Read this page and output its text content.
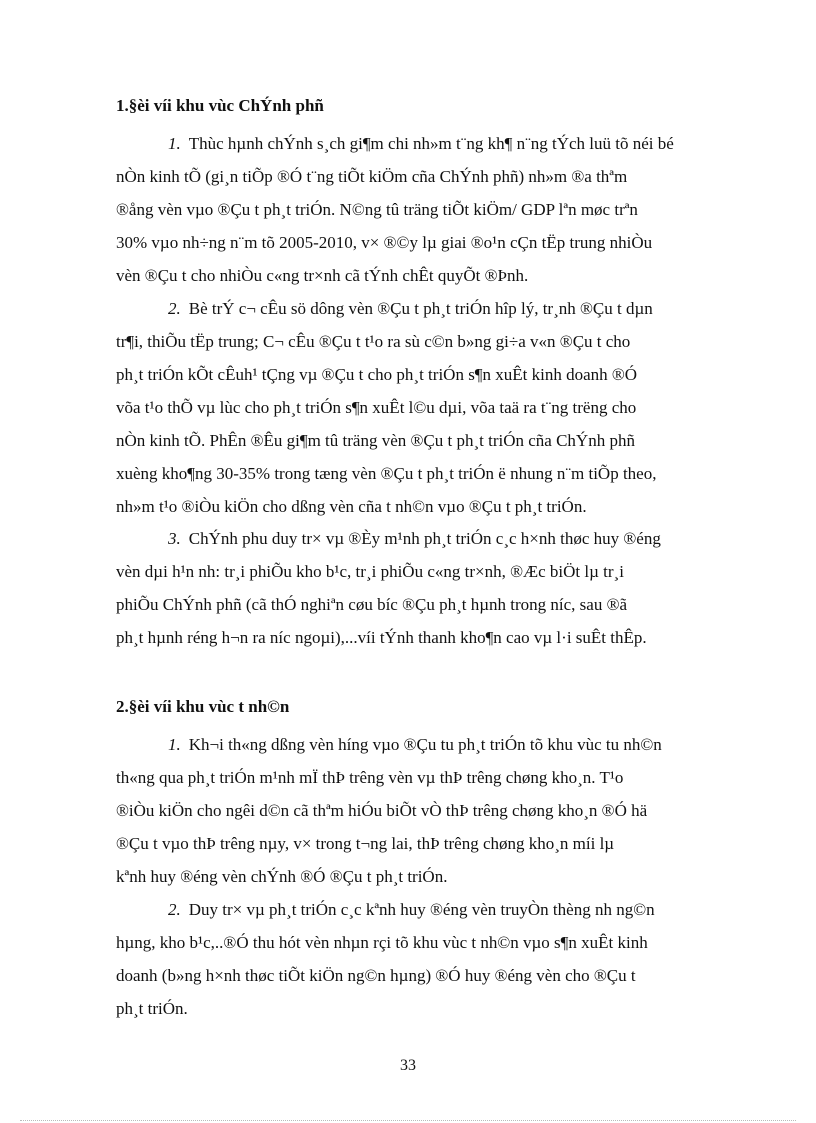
1.§èi víi khu vùc ChÝnh phñ
1. Thùc hµnh chÝnh s¸ch gi¶m chi nh»m t¨ng kh¶ n¨ng tÝch luü tõ néi bé
nÒn kinh tÕ (gi¸n tiÕp ®Ó t¨ng tiÕt kiÖm cña ChÝnh phñ) nh»m ®a thªm
®ång vèn vµo ®Çu t ph¸t triÓn. N©ng tû träng tiÕt kiÖm/ GDP lªn møc trªn
30% vµo nh÷ng n¨m tõ 2005-2010, v× ®©y lµ giai ®o¹n cÇn tËp trung nhiÒu
vèn ®Çu t cho nhiÒu c«ng tr×nh cã tÝnh chÊt quyÕt ®Þnh.
2. Bè trÝ c¬ cÊu sö dông vèn ®Çu t ph¸t triÓn hîp lý, tr¸nh ®Çu t dµn
tr¶i, thiÕu tËp trung; C¬ cÊu ®Çu t t¹o ra sù c©n b»ng gi÷a v«n ®Çu t cho
ph¸t triÓn kÕt cÊuh¹ tÇng vµ ®Çu t cho ph¸t triÓn s¶n xuÊt kinh doanh ®Ó
võa t¹o thÕ vµ lùc cho ph¸t triÓn s¶n xuÊt l©u dµi, võa taä ra t¨ng trëng cho
nÒn kinh tÕ. PhÊn ®Êu gi¶m tû träng vèn ®Çu t ph¸t triÓn cña ChÝnh phñ
xuèng kho¶ng 30-35% trong tæng vèn ®Çu t ph¸t triÓn ë nhung n¨m tiÕp theo,
nh»m t¹o ®iÒu kiÖn cho dßng vèn cña t nh©n vµo ®Çu t ph¸t triÓn.
3. ChÝnh phu duy tr× vµ ®Èy m¹nh ph¸t triÓn c¸c h×nh thøc huy ®éng
vèn dµi h¹n nh: tr¸i phiÕu kho b¹c, tr¸i phiÕu c«ng tr×nh, ®Æc biÖt lµ tr¸i
phiÕu ChÝnh phñ (cã thÓ nghiªn cøu bíc ®Çu ph¸t hµnh trong níc, sau ®ã
ph¸t hµnh réng h¬n ra níc ngoµi),...víi tÝnh thanh kho¶n cao vµ l·i suÊt thÊp.
2.§èi víi khu vùc t nh©n
1. Kh¬i th«ng dßng vèn híng vµo ®Çu tu ph¸t triÓn tõ khu vùc tu nh©n
th«ng qua ph¸t triÓn m¹nh mÏ thÞ trêng vèn vµ thÞ trêng chøng kho¸n. T¹o
®iÒu kiÖn cho ngêi d©n cã thªm hiÓu biÕt vÒ thÞ trêng chøng kho¸n ®Ó hä
®Çu t vµo thÞ trêng nµy, v× trong t¬ng lai, thÞ trêng chøng kho¸n míi lµ
kªnh huy ®éng vèn chÝnh ®Ó ®Çu t ph¸t triÓn.
2. Duy tr× vµ ph¸t triÓn c¸c kªnh huy ®éng vèn truyÒn thèng nh ng©n
hµng, kho b¹c,..®Ó thu hót vèn nhµn rçi tõ khu vùc t nh©n vµo s¶n xuÊt kinh
doanh (b»ng h×nh thøc tiÕt kiÖn ng©n hµng) ®Ó huy ®éng vèn cho ®Çu t
ph¸t triÓn.
33
